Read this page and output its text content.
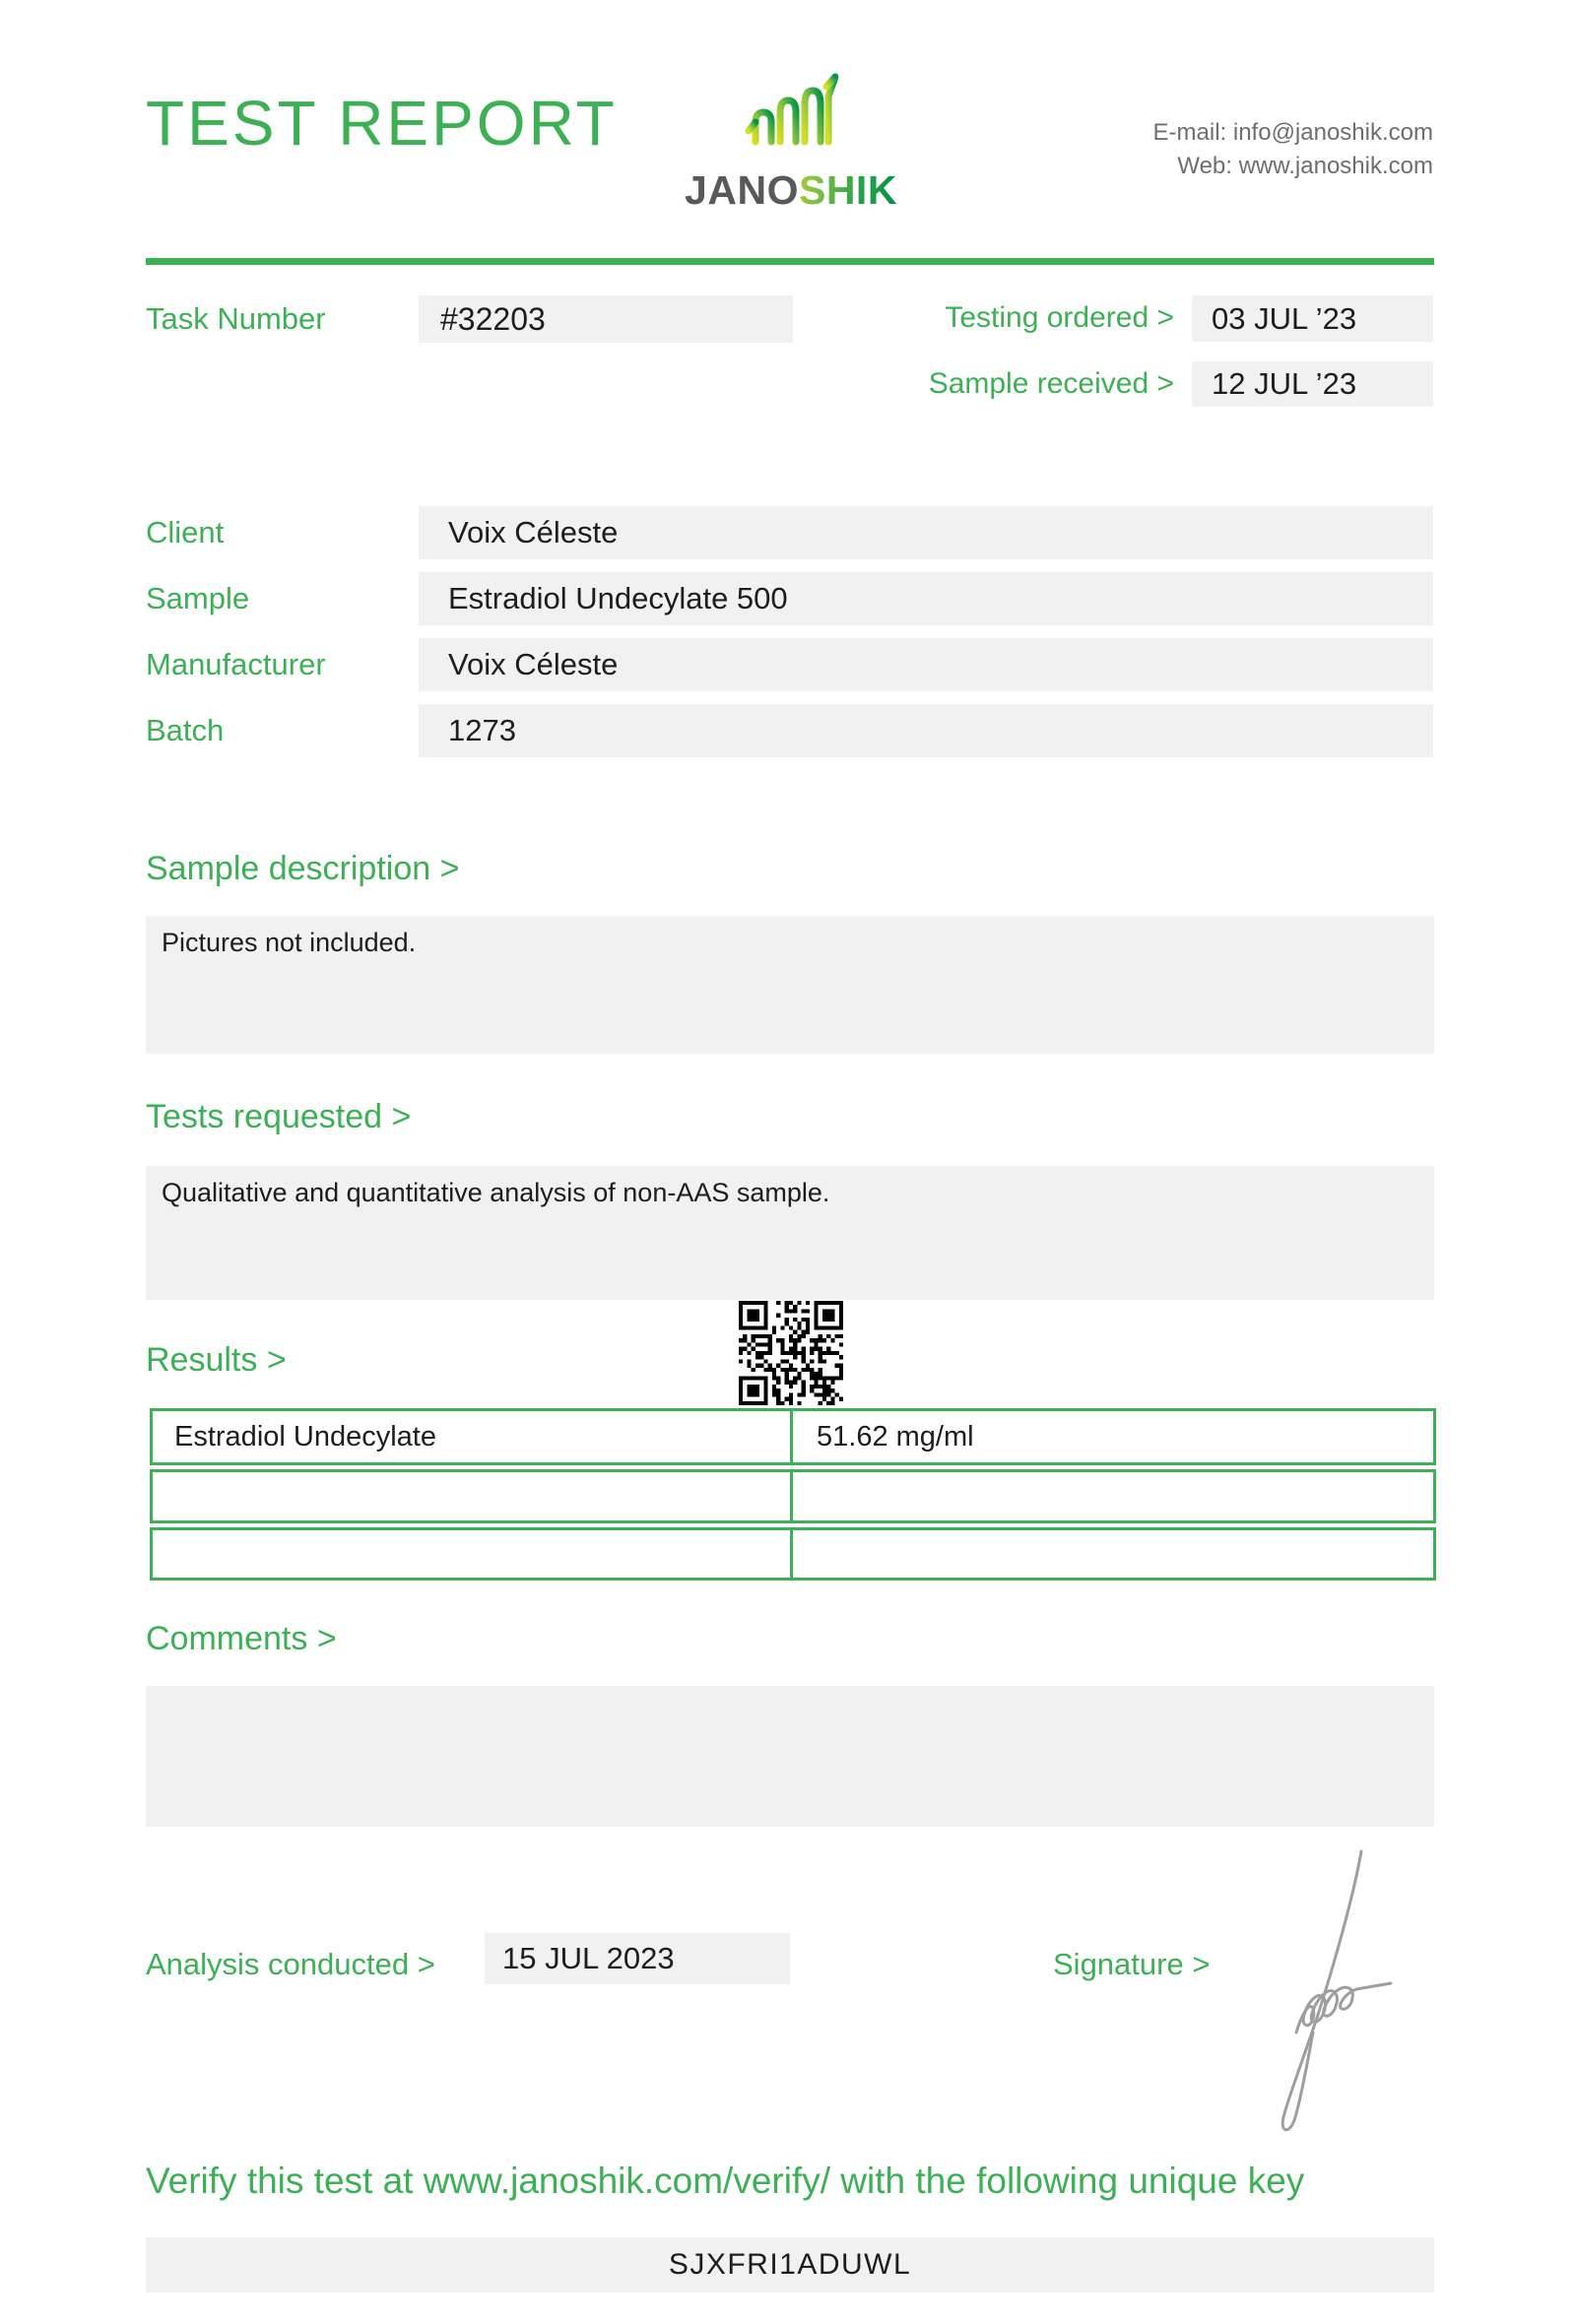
TEST REPORT
JANOSHIK
E-mail: info@janoshik.com
Web: www.janoshik.com
Task Number	#32203	Testing ordered >	03 JUL ’23
Sample received >	12 JUL ’23
Client	Voix Céleste
Sample	Estradiol Undecylate 500
Manufacturer	Voix Céleste
Batch	1273
Sample description >
Pictures not included.
Tests requested >
Qualitative and quantitative analysis of non-AAS sample.
Results >
Estradiol Undecylate	51.62 mg/ml
Comments >
Analysis conducted >	15 JUL 2023	Signature >
Verify this test at www.janoshik.com/verify/ with the following unique key
SJXFRI1ADUWL
